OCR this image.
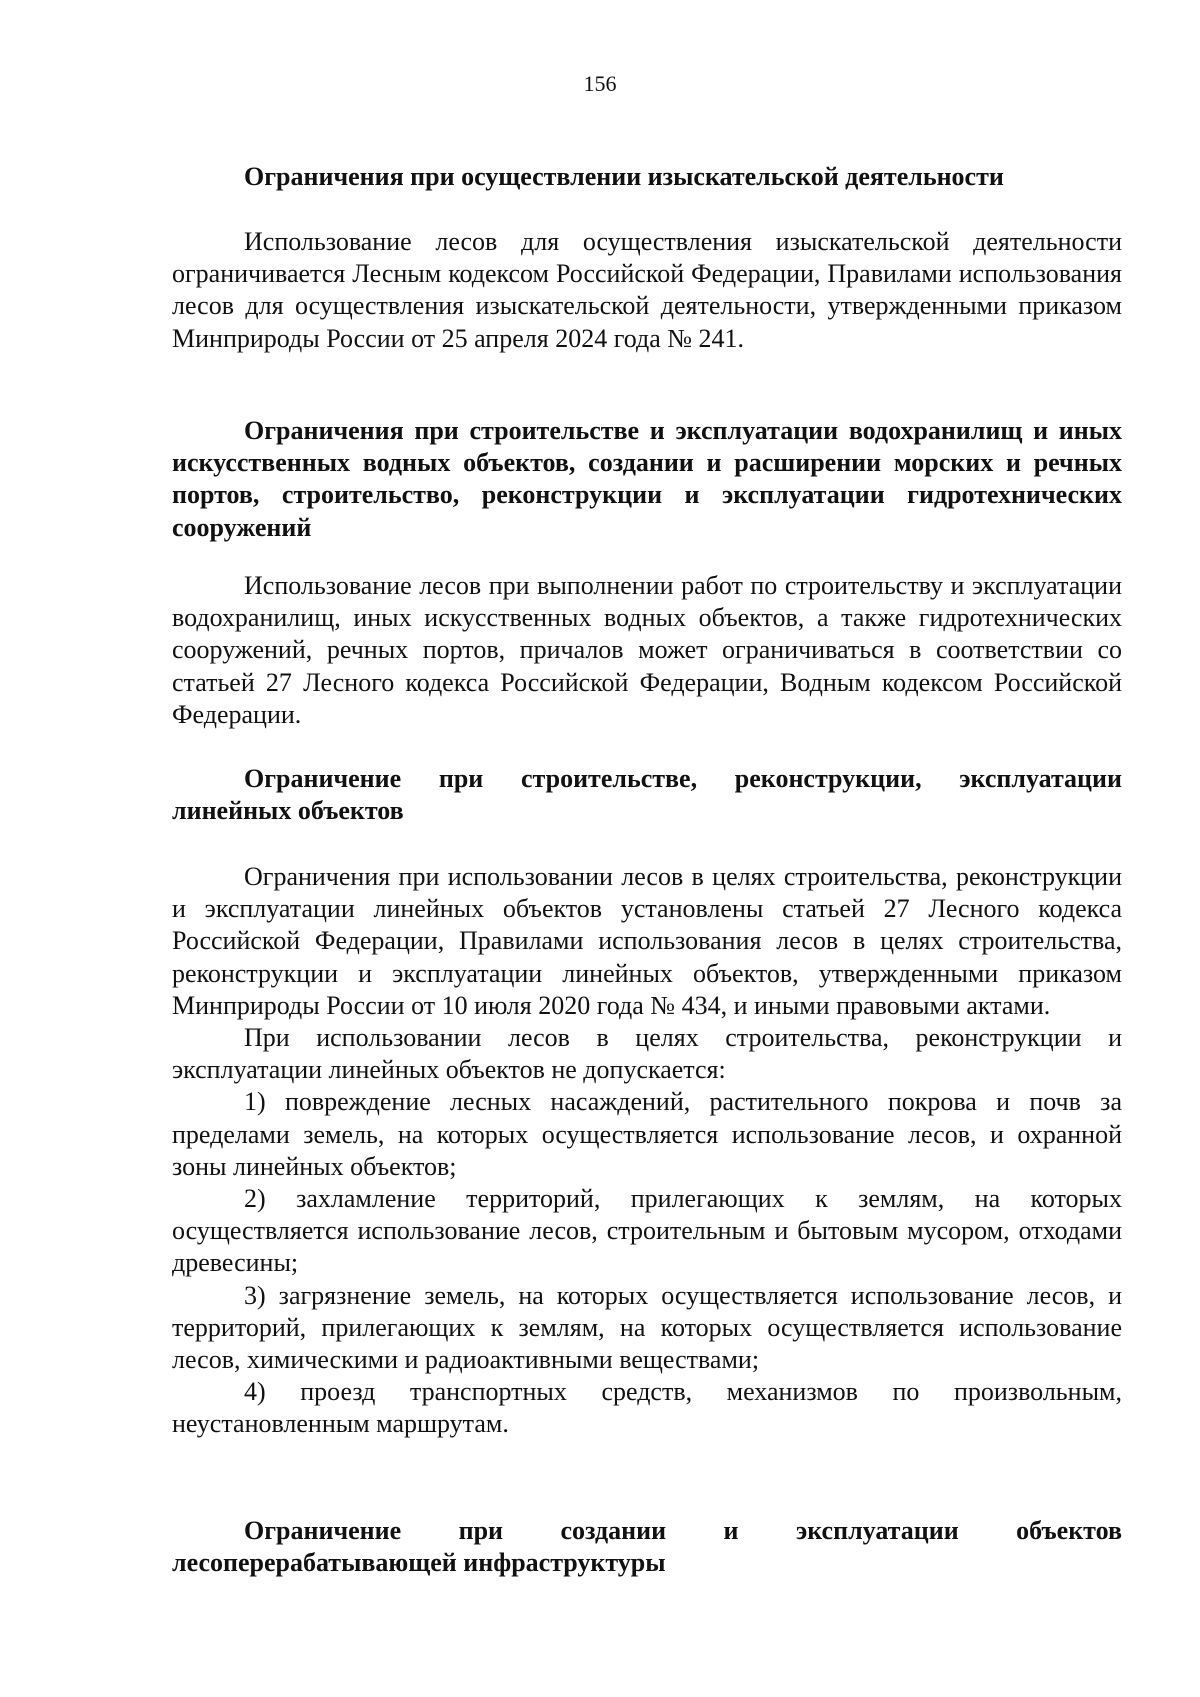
156

Ограничения при осуществлении изыскательской деятельности

Использование лесов для осуществления изыскательской деятельности ограничивается Лесным кодексом Российской Федерации, Правилами использования лесов для осуществления изыскательской деятельности, утвержденными приказом Минприроды России от 25 апреля 2024 года № 241.

Ограничения при строительстве и эксплуатации водохранилищ и иных искусственных водных объектов, создании и расширении морских и речных портов, строительство, реконструкции и эксплуатации гидротехнических сооружений

Использование лесов при выполнении работ по строительству и эксплуатации водохранилищ, иных искусственных водных объектов, а также гидротехнических сооружений, речных портов, причалов может ограничиваться в соответствии со статьей 27 Лесного кодекса Российской Федерации, Водным кодексом Российской Федерации.

Ограничение при строительстве, реконструкции, эксплуатации линейных объектов

Ограничения при использовании лесов в целях строительства, реконструкции и эксплуатации линейных объектов установлены статьей 27 Лесного кодекса Российской Федерации, Правилами использования лесов в целях строительства, реконструкции и эксплуатации линейных объектов, утвержденными приказом Минприроды России от 10 июля 2020 года № 434, и иными правовыми актами.

При использовании лесов в целях строительства, реконструкции и эксплуатации линейных объектов не допускается:

1) повреждение лесных насаждений, растительного покрова и почв за пределами земель, на которых осуществляется использование лесов, и охранной зоны линейных объектов;

2) захламление территорий, прилегающих к землям, на которых осуществляется использование лесов, строительным и бытовым мусором, отходами древесины;

3) загрязнение земель, на которых осуществляется использование лесов, и территорий, прилегающих к землям, на которых осуществляется использование лесов, химическими и радиоактивными веществами;

4) проезд транспортных средств, механизмов по произвольным, неустановленным маршрутам.

Ограничение при создании и эксплуатации объектов лесоперерабатывающей инфраструктуры
